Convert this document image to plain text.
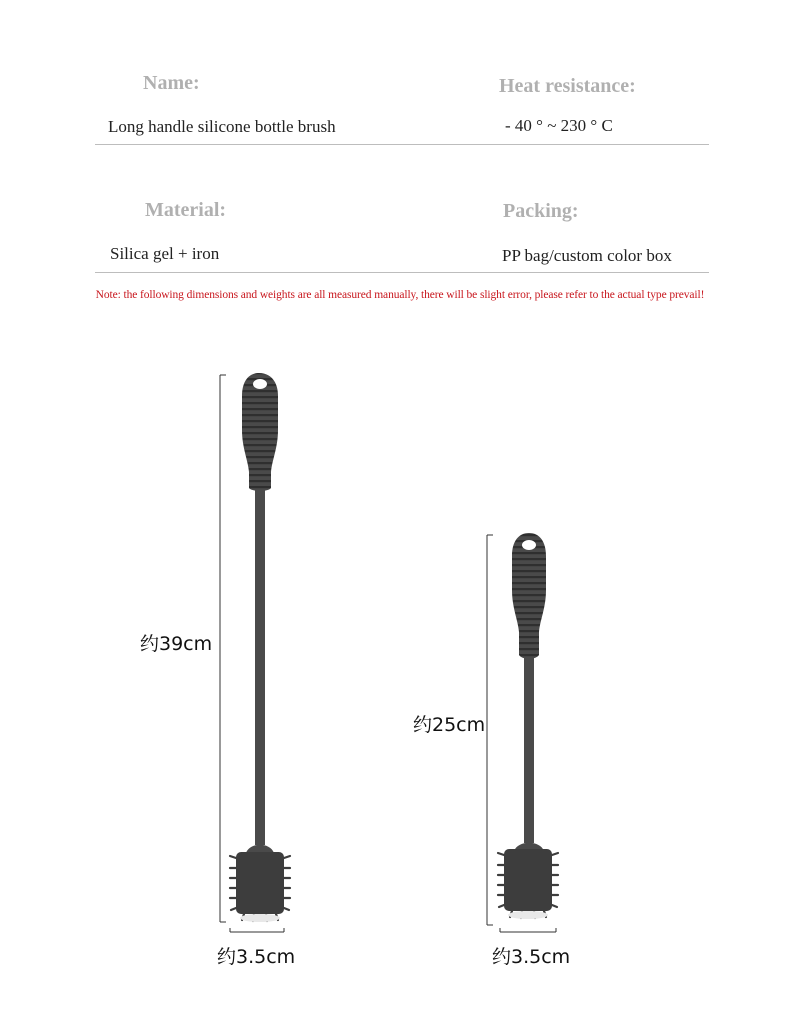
Name:
Long handle silicone bottle brush
Heat resistance:
- 40 ° ~ 230 ° C
Material:
Silica gel + iron
Packing:
PP bag/custom color box
Note: the following dimensions and weights are all measured manually, there will be slight error, please refer to the actual type prevail!
约39cm
约3.5cm
约25cm
约3.5cm
